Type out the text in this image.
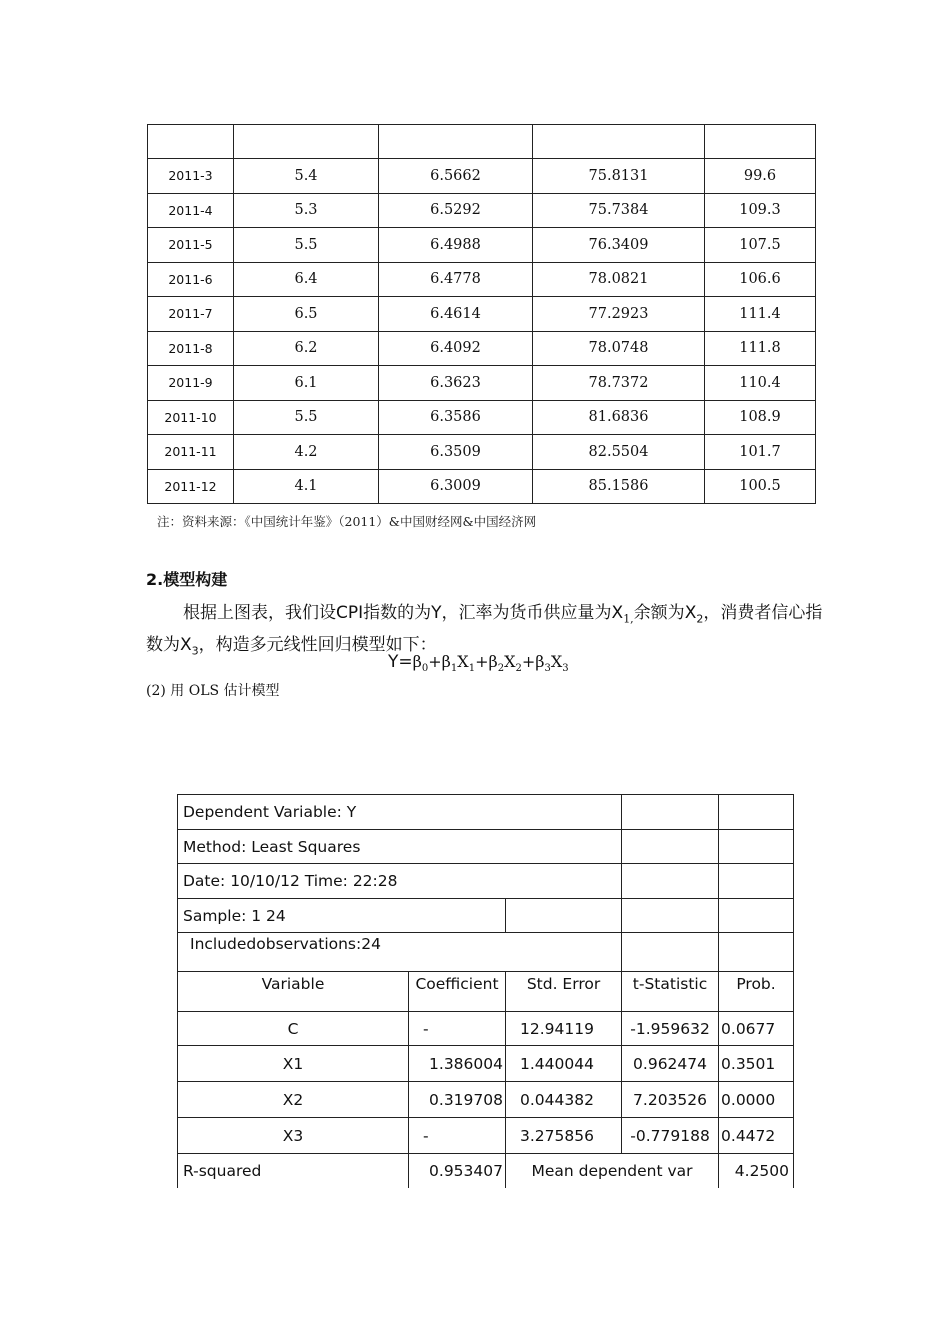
2011-3	5.4	6.5662	75.8131	99.6
2011-4	5.3	6.5292	75.7384	109.3
2011-5	5.5	6.4988	76.3409	107.5
2011-6	6.4	6.4778	78.0821	106.6
2011-7	6.5	6.4614	77.2923	111.4
2011-8	6.2	6.4092	78.0748	111.8
2011-9	6.1	6.3623	78.7372	110.4
2011-10	5.5	6.3586	81.6836	108.9
2011-11	4.2	6.3509	82.5504	101.7
2011-12	4.1	6.3009	85.1586	100.5
注：资料来源：《中国统计年鉴》（2011）&中国财经网&中国经济网
2.模型构建
根据上图表，我们设CPI指数的为Y，汇率为货币供应量为$X_{1,}$余额为$X_2$，消费者信心指数为$X_3$，构造多元线性回归模型如下：
$Y=\beta_0+\beta_1X_1+\beta_2X_2+\beta_3X_3$
(2) 用 OLS 估计模型
Dependent Variable: Y				
Method: Least Squares				
Date: 10/10/12 Time: 22:28				
Sample: 1 24				
Includedobservations:24				
Variable	Coefficient	Std. Error	t-Statistic	Prob.
C	-	12.94119	-1.959632	0.0677
X1	1.386004	1.440044	0.962474	0.3501
X2	0.319708	0.044382	7.203526	0.0000
X3	-	3.275856	-0.779188	0.4472
R-squared	0.953407	Mean dependent var		4.2500
